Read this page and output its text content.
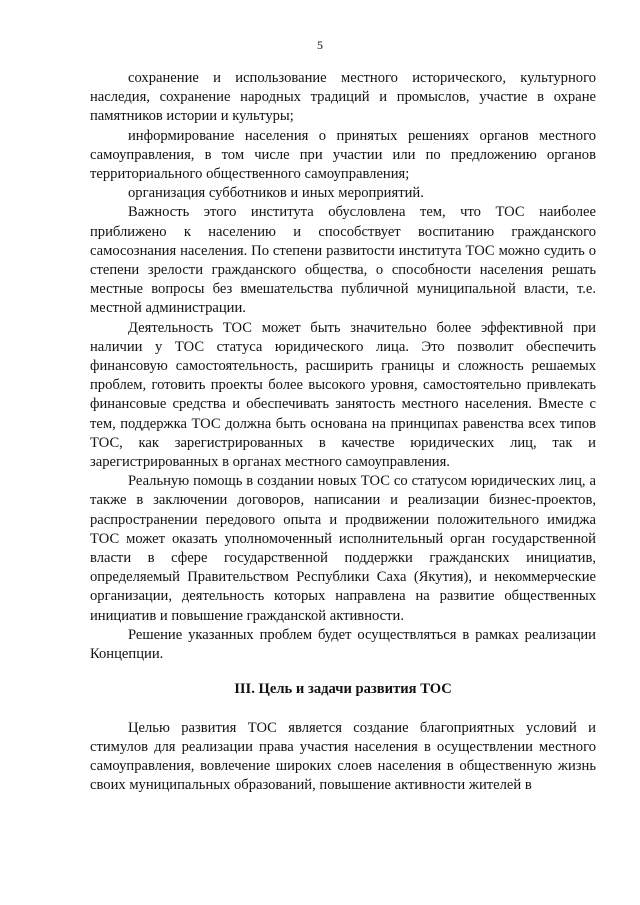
5

сохранение и использование местного исторического, культурного наследия, сохранение народных традиций и промыслов, участие в охране памятников истории и культуры;

информирование населения о принятых решениях органов местного самоуправления, в том числе при участии или по предложению органов территориального общественного самоуправления;

организация субботников и иных мероприятий.

Важность этого института обусловлена тем, что ТОС наиболее приближено к населению и способствует воспитанию гражданского самосознания населения. По степени развитости института ТОС можно судить о степени зрелости гражданского общества, о способности населения решать местные вопросы без вмешательства публичной муниципальной власти, т.е. местной администрации.

Деятельность ТОС может быть значительно более эффективной при наличии у ТОС статуса юридического лица. Это позволит обеспечить финансовую самостоятельность, расширить границы и сложность решаемых проблем, готовить проекты более высокого уровня, самостоятельно привлекать финансовые средства и обеспечивать занятость местного населения. Вместе с тем, поддержка ТОС должна быть основана на принципах равенства всех типов ТОС, как зарегистрированных в качестве юридических лиц, так и зарегистрированных в органах местного самоуправления.

Реальную помощь в создании новых ТОС со статусом юридических лиц, а также в заключении договоров, написании и реализации бизнес-проектов, распространении передового опыта и продвижении положительного имиджа ТОС может оказать уполномоченный исполнительный орган государственной власти в сфере государственной поддержки гражданских инициатив, определяемый Правительством Республики Саха (Якутия), и некоммерческие организации, деятельность которых направлена на развитие общественных инициатив и повышение гражданской активности.

Решение указанных проблем будет осуществляться в рамках реализации Концепции.

III. Цель и задачи развития ТОС

Целью развития ТОС является создание благоприятных условий и стимулов для реализации права участия населения в осуществлении местного самоуправления, вовлечение широких слоев населения в общественную жизнь своих муниципальных образований, повышение активности жителей в
